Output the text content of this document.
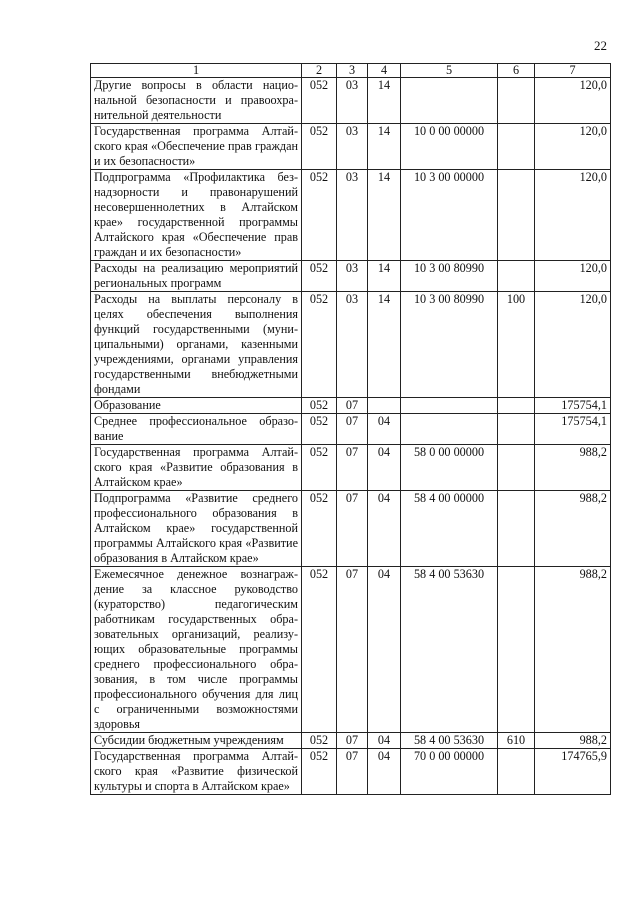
22
1	2	3	4	5	6	7
Другие вопросы в области национальной безопасности и правоохранительной деятельности	052	03	14			120,0
Государственная программа Алтайского края «Обеспечение прав граждан и их безопасности»	052	03	14	10 0 00 00000		120,0
Подпрограмма «Профилактика безнадзорности и правонарушений несовершеннолетних в Алтайском крае» государственной программы Алтайского края «Обеспечение прав граждан и их безопасности»	052	03	14	10 3 00 00000		120,0
Расходы на реализацию мероприятий региональных программ	052	03	14	10 3 00 80990		120,0
Расходы на выплаты персоналу в целях обеспечения выполнения функций государственными (муниципальными) органами, казенными учреждениями, органами управления государственными внебюджетными фондами	052	03	14	10 3 00 80990	100	120,0
Образование	052	07				175754,1
Среднее профессиональное образование	052	07	04			175754,1
Государственная программа Алтайского края «Развитие образования в Алтайском крае»	052	07	04	58 0 00 00000		988,2
Подпрограмма «Развитие среднего профессионального образования в Алтайском крае» государственной программы Алтайского края «Развитие образования в Алтайском крае»	052	07	04	58 4 00 00000		988,2
Ежемесячное денежное вознаграждение за классное руководство (кураторство) педагогическим работникам государственных образовательных организаций, реализующих образовательные программы среднего профессионального образования, в том числе программы профессионального обучения для лиц с ограниченными возможностями здоровья	052	07	04	58 4 00 53630		988,2
Субсидии бюджетным учреждениям	052	07	04	58 4 00 53630	610	988,2
Государственная программа Алтайского края «Развитие физической культуры и спорта в Алтайском крае»	052	07	04	70 0 00 00000		174765,9
